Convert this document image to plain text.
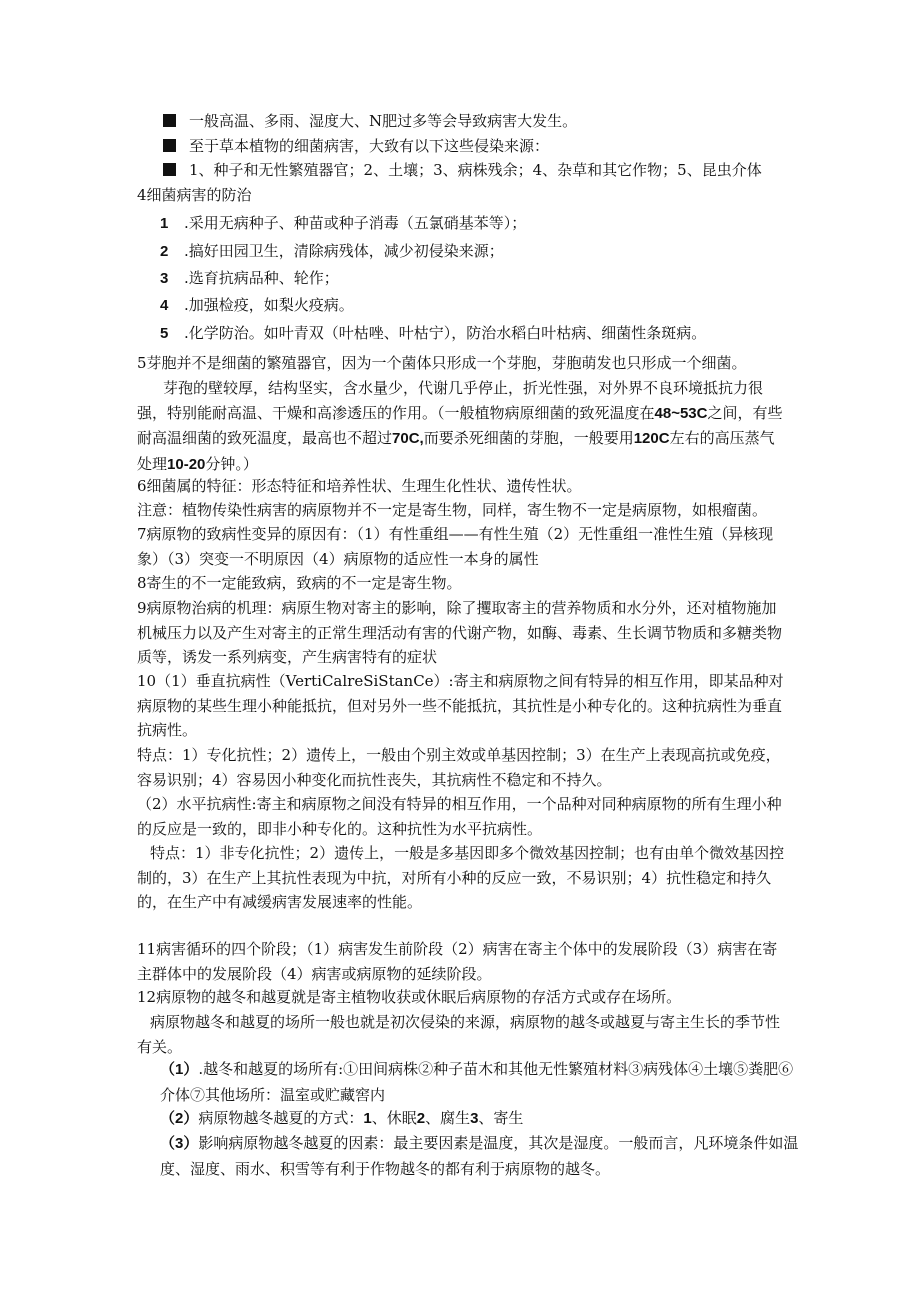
一般高温、多雨、湿度大、N肥过多等会导致病害大发生。
至于草本植物的细菌病害，大致有以下这些侵染来源：
1、种子和无性繁殖器官；2、土壤；3、病株残余；4、杂草和其它作物；5、昆虫介体
4细菌病害的防治
1 .采用无病种子、种苗或种子消毒（五氯硝基苯等）；
2 .搞好田园卫生，清除病残体，减少初侵染来源；
3 .选育抗病品种、轮作；
4 .加强检疫，如梨火疫病。
5 .化学防治。如叶青双（叶枯唑、叶枯宁），防治水稻白叶枯病、细菌性条斑病。
5芽胞并不是细菌的繁殖器官，因为一个菌体只形成一个芽胞，芽胞萌发也只形成一个细菌。
芽孢的壁较厚，结构坚实，含水量少，代谢几乎停止，折光性强，对外界不良环境抵抗力很强，特别能耐高温、干燥和高渗透压的作用。（一般植物病原细菌的致死温度在48~53C之间，有些耐高温细菌的致死温度，最高也不超过70C,而要杀死细菌的芽胞，一般要用120C左右的高压蒸气处理10-20分钟。）
6细菌属的特征：形态特征和培养性状、生理生化性状、遗传性状。
注意：植物传染性病害的病原物并不一定是寄生物，同样，寄生物不一定是病原物，如根瘤菌。
7病原物的致病性变异的原因有：（1）有性重组——有性生殖（2）无性重组一准性生殖（异核现象）（3）突变一不明原因（4）病原物的适应性一本身的属性
8寄生的不一定能致病，致病的不一定是寄生物。
9病原物治病的机理：病原生物对寄主的影响，除了攫取寄主的营养物质和水分外，还对植物施加机械压力以及产生对寄主的正常生理活动有害的代谢产物，如酶、毒素、生长调节物质和多糖类物质等，诱发一系列病变，产生病害特有的症状
10（1）垂直抗病性（VertiCalreSiStanCe）:寄主和病原物之间有特异的相互作用，即某品种对病原物的某些生理小种能抵抗，但对另外一些不能抵抗，其抗性是小种专化的。这种抗病性为垂直抗病性。
特点：1）专化抗性；2）遗传上，一般由个别主效或单基因控制；3）在生产上表现高抗或免疫，容易识别；4）容易因小种变化而抗性丧失，其抗病性不稳定和不持久。
（2）水平抗病性:寄主和病原物之间没有特异的相互作用，一个品种对同种病原物的所有生理小种的反应是一致的，即非小种专化的。这种抗性为水平抗病性。
特点：1）非专化抗性；2）遗传上，一般是多基因即多个微效基因控制；也有由单个微效基因控制的，3）在生产上其抗性表现为中抗，对所有小种的反应一致，不易识别；4）抗性稳定和持久的，在生产中有减缓病害发展速率的性能。
11病害循环的四个阶段；（1）病害发生前阶段（2）病害在寄主个体中的发展阶段（3）病害在寄主群体中的发展阶段（4）病害或病原物的延续阶段。
12病原物的越冬和越夏就是寄主植物收获或休眠后病原物的存活方式或存在场所。
病原物越冬和越夏的场所一般也就是初次侵染的来源，病原物的越冬或越夏与寄主生长的季节性有关。
（1）.越冬和越夏的场所有:①田间病株②种子苗木和其他无性繁殖材料③病残体④土壤⑤粪肥⑥介体⑦其他场所：温室或贮藏窖内
（2）病原物越冬越夏的方式：1、休眠2、腐生3、寄生
（3）影响病原物越冬越夏的因素：最主要因素是温度，其次是湿度。一般而言，凡环境条件如温度、湿度、雨水、积雪等有利于作物越冬的都有利于病原物的越冬。
